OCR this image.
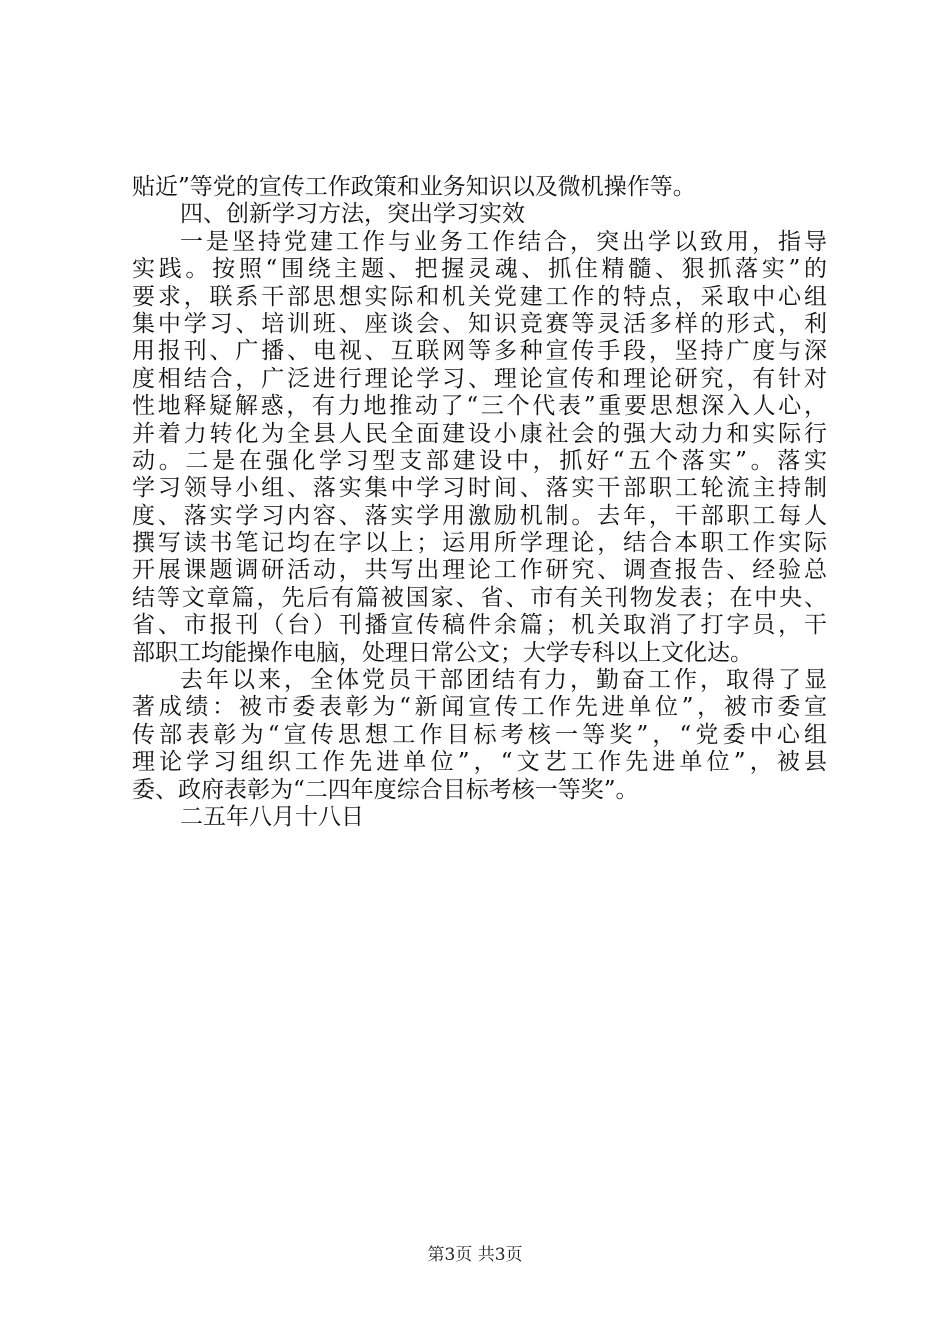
贴近”等党的宣传工作政策和业务知识以及微机操作等。
四、创新学习方法，突出学习实效
一是坚持党建工作与业务工作结合，突出学以致用，指导
实践。按照“围绕主题、把握灵魂、抓住精髓、狠抓落实”的
要求，联系干部思想实际和机关党建工作的特点，采取中心组
集中学习、培训班、座谈会、知识竞赛等灵活多样的形式，利
用报刊、广播、电视、互联网等多种宣传手段，坚持广度与深
度相结合，广泛进行理论学习、理论宣传和理论研究，有针对
性地释疑解惑，有力地推动了“三个代表”重要思想深入人心，
并着力转化为全县人民全面建设小康社会的强大动力和实际行
动。二是在强化学习型支部建设中，抓好“五个落实”。落实
学习领导小组、落实集中学习时间、落实干部职工轮流主持制
度、落实学习内容、落实学用激励机制。去年，干部职工每人
撰写读书笔记均在字以上；运用所学理论，结合本职工作实际
开展课题调研活动，共写出理论工作研究、调查报告、经验总
结等文章篇，先后有篇被国家、省、市有关刊物发表；在中央、
省、市报刊（台）刊播宣传稿件余篇；机关取消了打字员，干
部职工均能操作电脑，处理日常公文；大学专科以上文化达。
去年以来，全体党员干部团结有力，勤奋工作，取得了显
著成绩：被市委表彰为“新闻宣传工作先进单位”，被市委宣
传部表彰为“宣传思想工作目标考核一等奖”，“党委中心组
理论学习组织工作先进单位”，“文艺工作先进单位”，被县
委、政府表彰为“二四年度综合目标考核一等奖”。
二五年八月十八日
第3页 共3页
